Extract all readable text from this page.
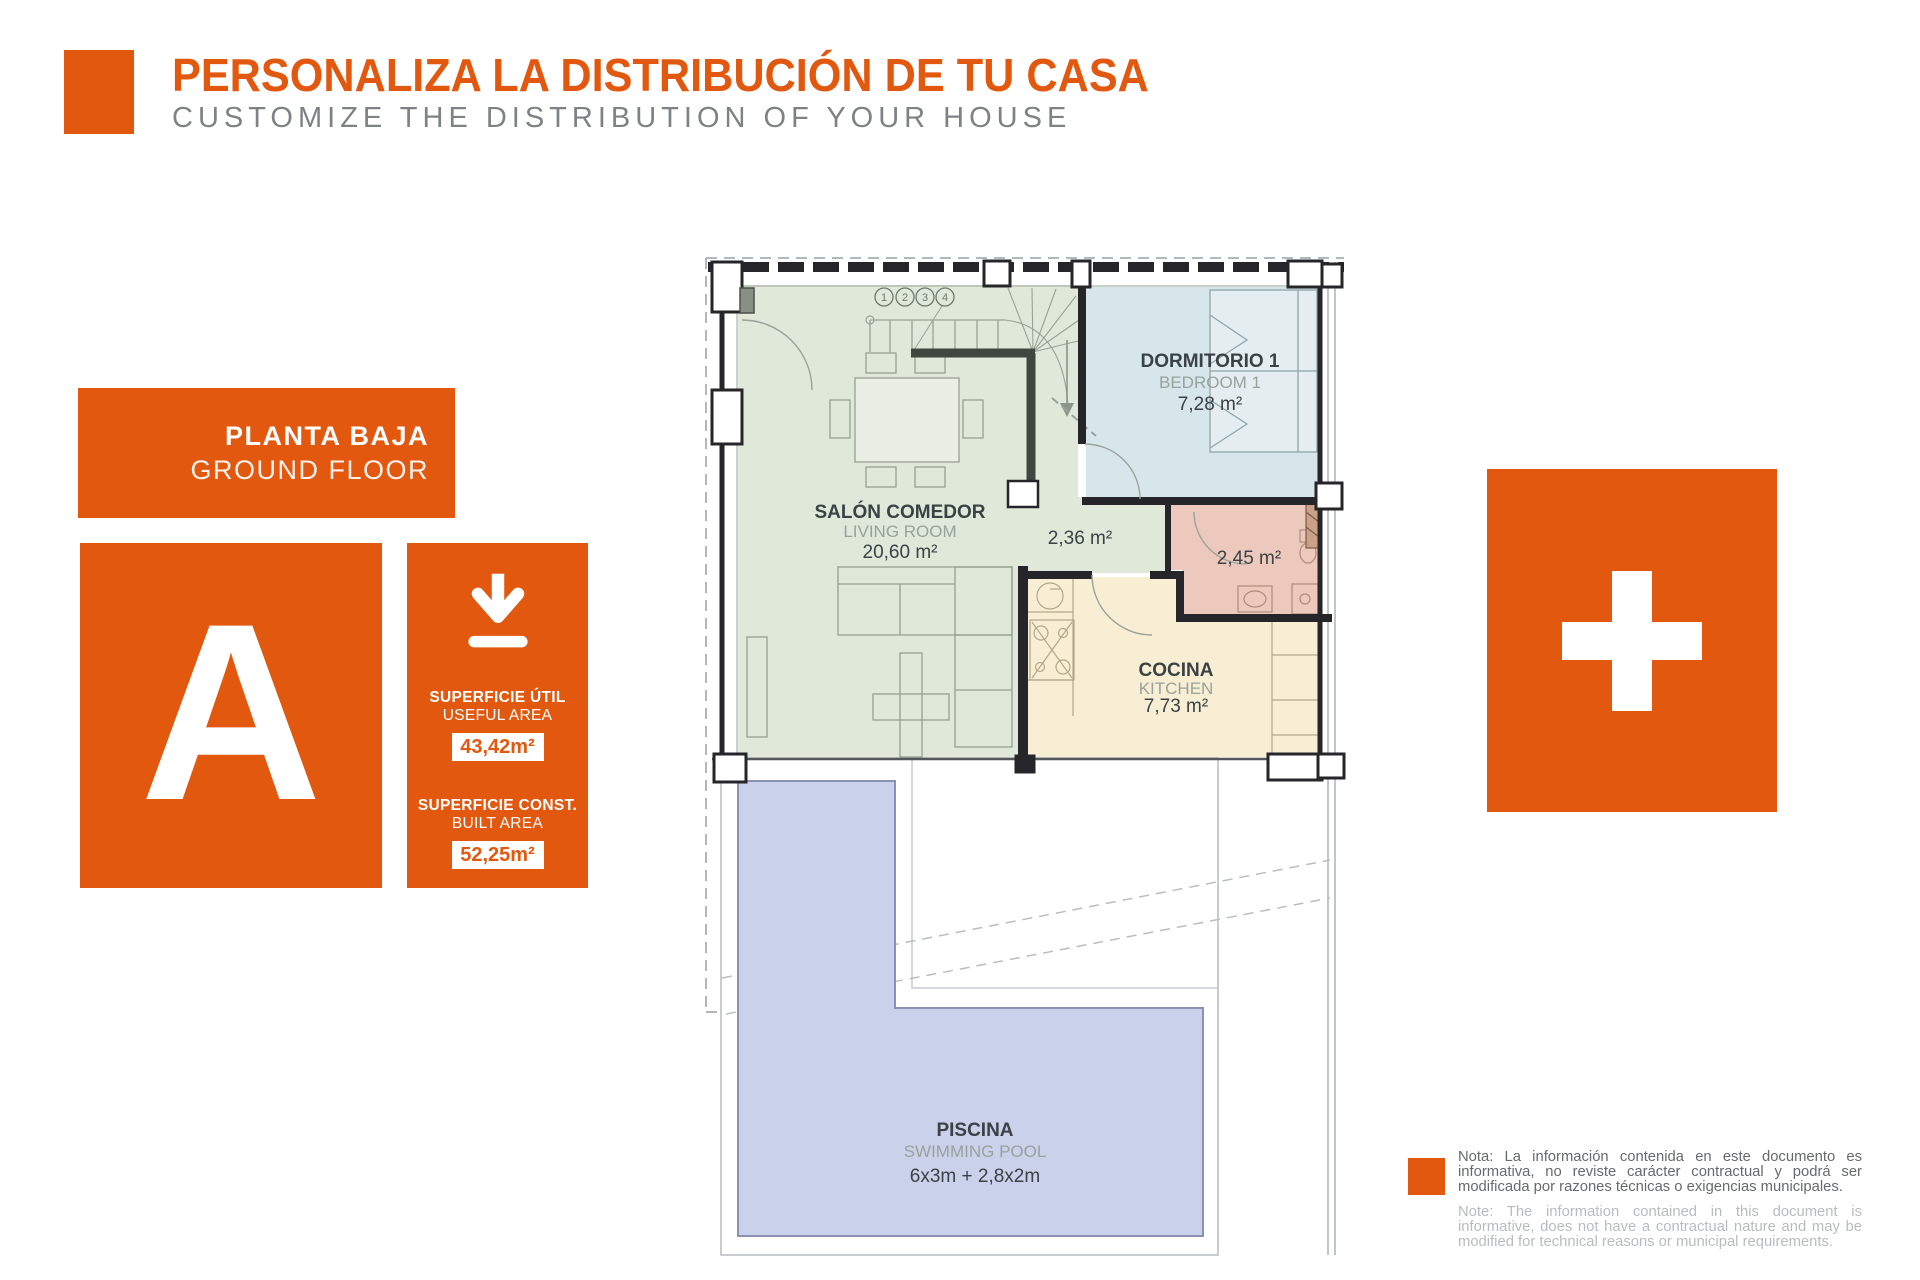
PERSONALIZA LA DISTRIBUCIÓN DE TU CASA
CUSTOMIZE THE DISTRIBUTION OF YOUR HOUSE
PLANTA BAJA
GROUND FLOOR
A	SUPERFICIE ÚTIL
USEFUL AREA
43,42m²
SUPERFICIE CONST.
BUILT AREA
52,25m²

Nota: La información contenida en este documento es informativa, no reviste carácter contractual y podrá ser modificada por razones técnicas o exigencias municipales.

Note: The information contained in this document is informative, does not have a contractual nature and may be modified for technical reasons or municipal requirements.

1 2 3 4
SALÓN COMEDOR
LIVING ROOM
20,60 m²
2,36 m²
2,45 m²
DORMITORIO 1
BEDROOM 1
7,28 m²
COCINA
KITCHEN
7,73 m²
PISCINA
SWIMMING POOL
6x3m + 2,8x2m
